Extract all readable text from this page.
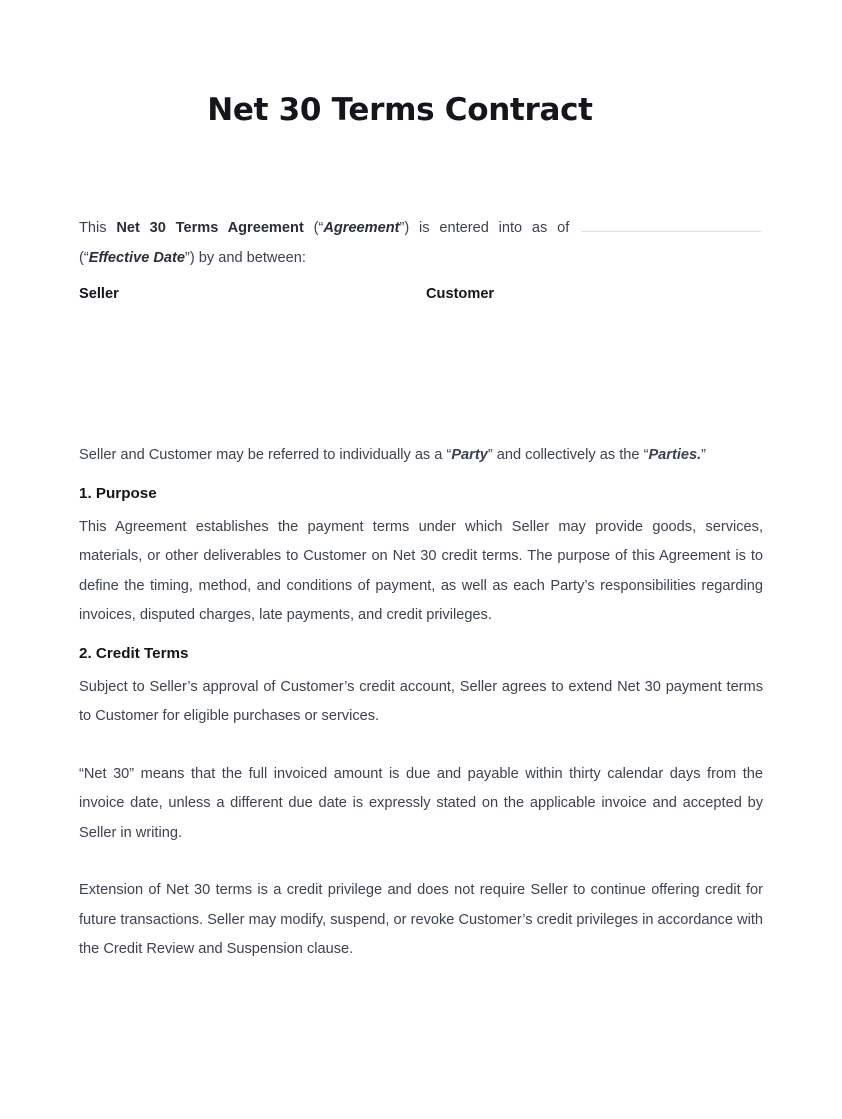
Net 30 Terms Contract

This Net 30 Terms Agreement (“Agreement”) is entered into as of  (“Effective Date”) by and between:

Seller	Customer

Seller and Customer may be referred to individually as a “Party” and collectively as the “Parties.”

1. Purpose

This Agreement establishes the payment terms under which Seller may provide goods, services, materials, or other deliverables to Customer on Net 30 credit terms. The purpose of this Agreement is to define the timing, method, and conditions of payment, as well as each Party’s responsibilities regarding invoices, disputed charges, late payments, and credit privileges.

2. Credit Terms

Subject to Seller’s approval of Customer’s credit account, Seller agrees to extend Net 30 payment terms to Customer for eligible purchases or services.

“Net 30” means that the full invoiced amount is due and payable within thirty calendar days from the invoice date, unless a different due date is expressly stated on the applicable invoice and accepted by Seller in writing.

Extension of Net 30 terms is a credit privilege and does not require Seller to continue offering credit for future transactions. Seller may modify, suspend, or revoke Customer’s credit privileges in accordance with the Credit Review and Suspension clause.
